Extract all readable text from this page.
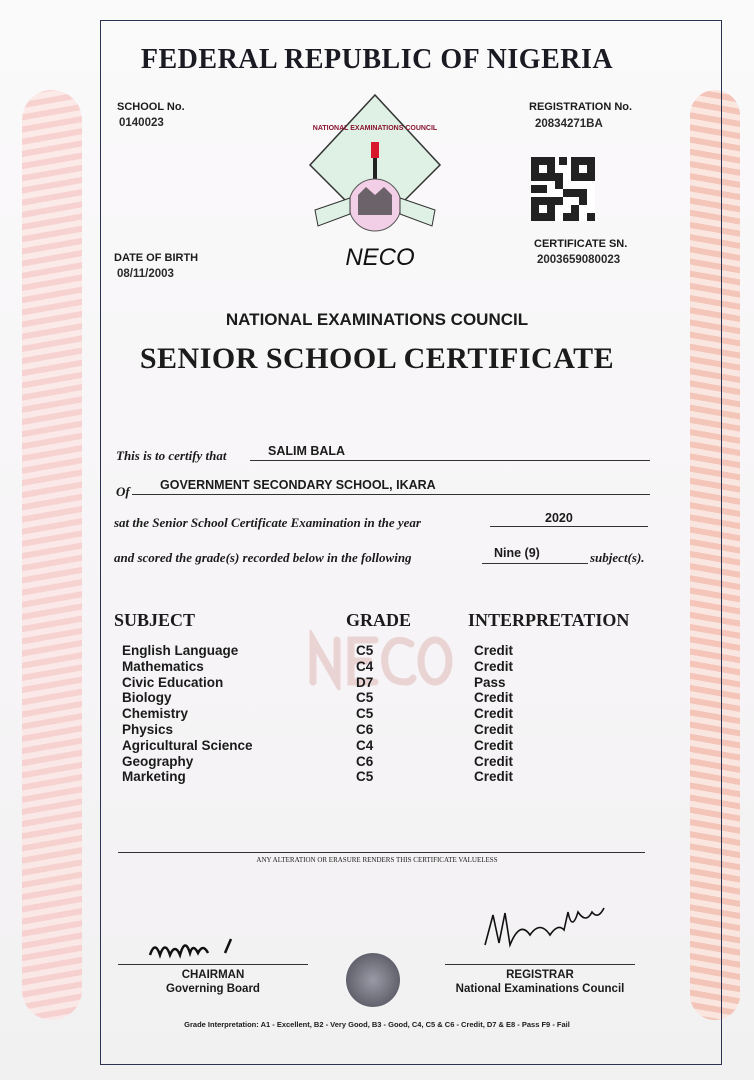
FEDERAL REPUBLIC OF NIGERIA
SCHOOL No.
0140023
REGISTRATION No.
20834271BA
NATIONAL EXAMINATIONS COUNCIL
NECO	CERTIFICATE SN.
2003659080023
DATE OF BIRTH
08/11/2003
NATIONAL EXAMINATIONS COUNCIL
SENIOR SCHOOL CERTIFICATE
This is to certify that	SALIM BALA
Of GOVERNMENT SECONDARY SCHOOL, IKARA
sat the Senior School Certificate Examination in the year	2020
and scored the grade(s) recorded below in the following	Nine (9)	subject(s).
SUBJECT	GRADE	INTERPRETATION
English Language	C5	Credit
Mathematics	C4	Credit
Civic Education	D7	Pass
Biology	C5	Credit
Chemistry	C5	Credit
Physics	C6	Credit
Agricultural Science	C4	Credit
Geography	C6	Credit
Marketing	C5	Credit
ANY ALTERATION OR ERASURE RENDERS THIS CERTIFICATE VALUELESS
CHAIRMAN
Governing Board
REGISTRAR
National Examinations Council
Grade Interpretation: A1 - Excellent, B2 - Very Good, B3 - Good, C4, C5 & C6 - Credit, D7 & E8 - Pass F9 - Fail
